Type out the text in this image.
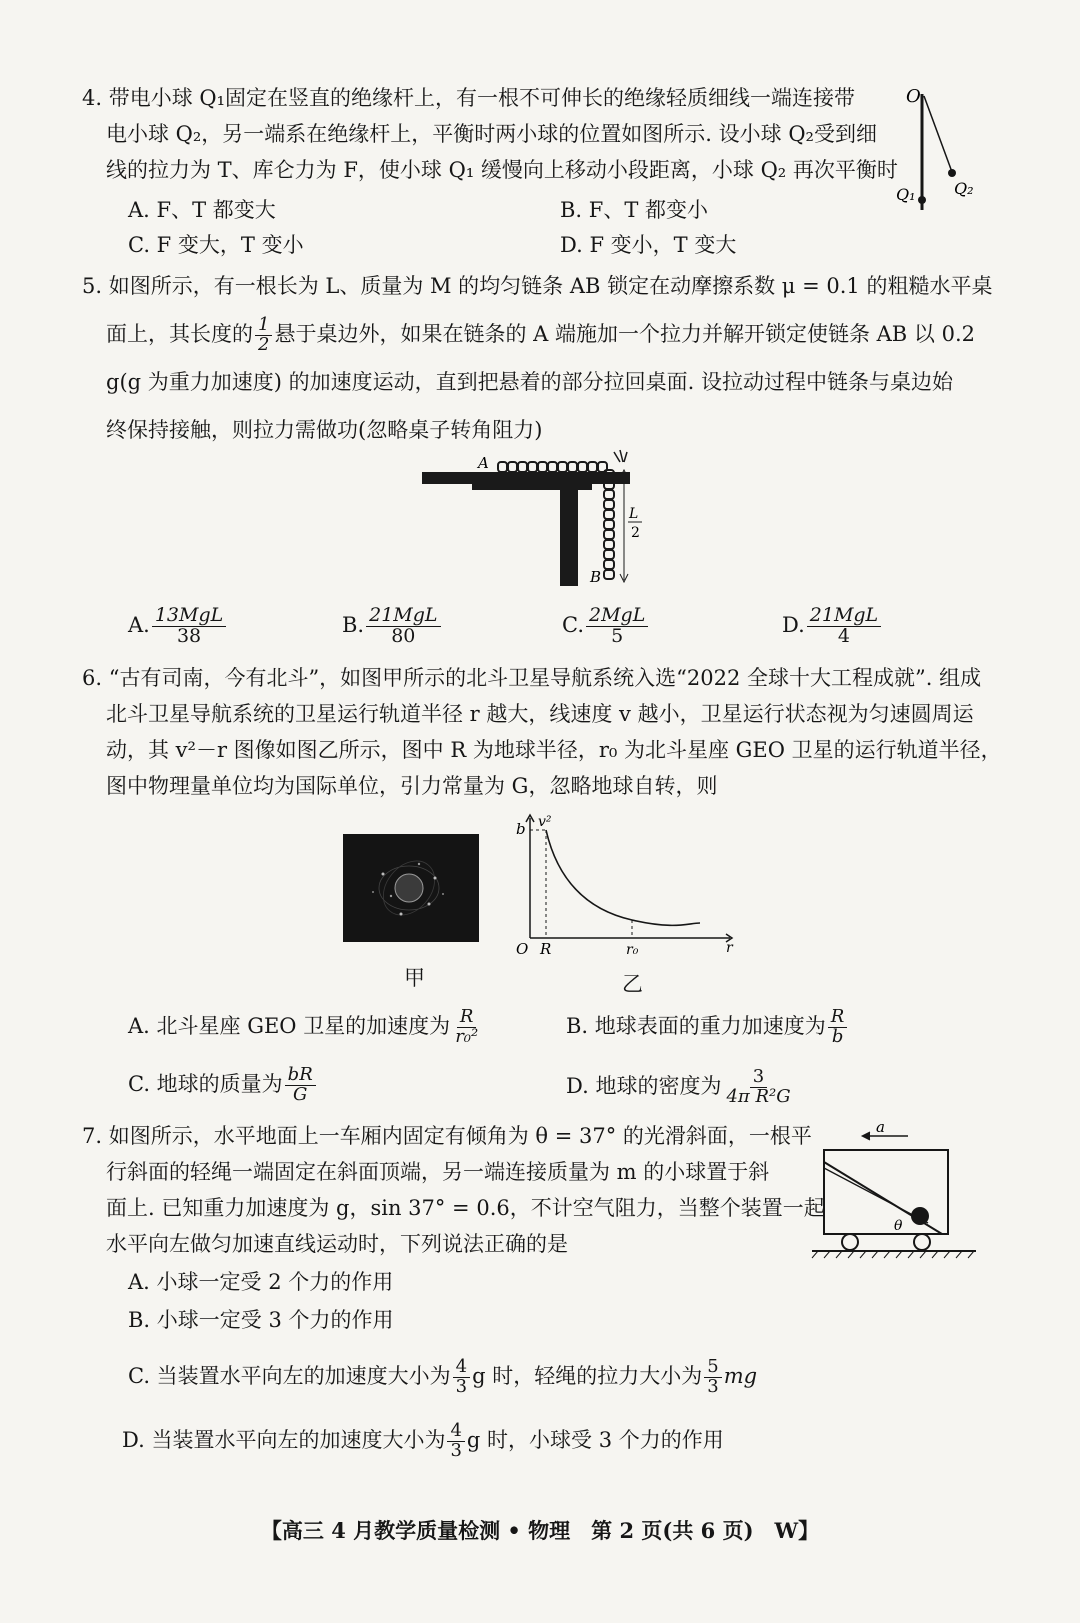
4. 带电小球 Q₁固定在竖直的绝缘杆上，有一根不可伸长的绝缘轻质细线一端连接带
电小球 Q₂，另一端系在绝缘杆上，平衡时两小球的位置如图所示. 设小球 Q₂受到细
线的拉力为 T、库仑力为 F，使小球 Q₁ 缓慢向上移动小段距离，小球 Q₂ 再次平衡时
A. F、T 都变大	B. F、T 都变小
C. F 变大，T 变小	D. F 变小，T 变大
O
Q₁ Q₂
5. 如图所示，有一根长为 L、质量为 M 的均匀链条 AB 锁定在动摩擦系数 μ = 0.1 的粗糙水平桌
面上，其长度的 $\frac{1}{2}$ 悬于桌边外，如果在链条的 A 端施加一个拉力并解开锁定使链条 AB 以 0.2
g(g 为重力加速度) 的加速度运动，直到把悬着的部分拉回桌面. 设拉动过程中链条与桌边始
终保持接触，则拉力需做功(忽略桌子转角阻力)
A
B
L
2
A. $\frac{\text{13MgL}}{38}$	B. $\frac{\text{21MgL}}{80}$	C. $\frac{\text{2MgL}}{5}$	D. $\frac{\text{21MgL}}{4}$
6. “古有司南，今有北斗”，如图甲所示的北斗卫星导航系统入选“2022 全球十大工程成就”. 组成
北斗卫星导航系统的卫星运行轨道半径 r 越大，线速度 v 越小，卫星运行状态视为匀速圆周运
动，其 v²－r 图像如图乙所示，图中 R 为地球半径，r₀ 为北斗星座 GEO 卫星的运行轨道半径，
图中物理量单位均为国际单位，引力常量为 G，忽略地球自转，则
甲
b v²
O R	r₀	r
乙
A. 北斗星座 GEO 卫星的加速度为 $\frac{R}{\text{r₀²}}$	B. 地球表面的重力加速度为 $\frac{R}{b}$
C. 地球的质量为 $\frac{bR}{G}$	D. 地球的密度为 $\frac{3}{\text{4π R²G}}$
7. 如图所示，水平地面上一车厢内固定有倾角为 θ = 37° 的光滑斜面，一根平
行斜面的轻绳一端固定在斜面顶端，另一端连接质量为 m 的小球置于斜
面上. 已知重力加速度为 g，sin 37° = 0.6，不计空气阻力，当整个装置一起
水平向左做匀加速直线运动时，下列说法正确的是
a
θ
A. 小球一定受 2 个力的作用
B. 小球一定受 3 个力的作用
C. 当装置水平向左的加速度大小为 $\frac{4}{3}$ g 时，轻绳的拉力大小为 $\frac{5}{3}$ mg
D. 当装置水平向左的加速度大小为 $\frac{4}{3}$ g 时，小球受 3 个力的作用
【高三 4 月教学质量检测 • 物理　第 2 页(共 6 页)　W】
